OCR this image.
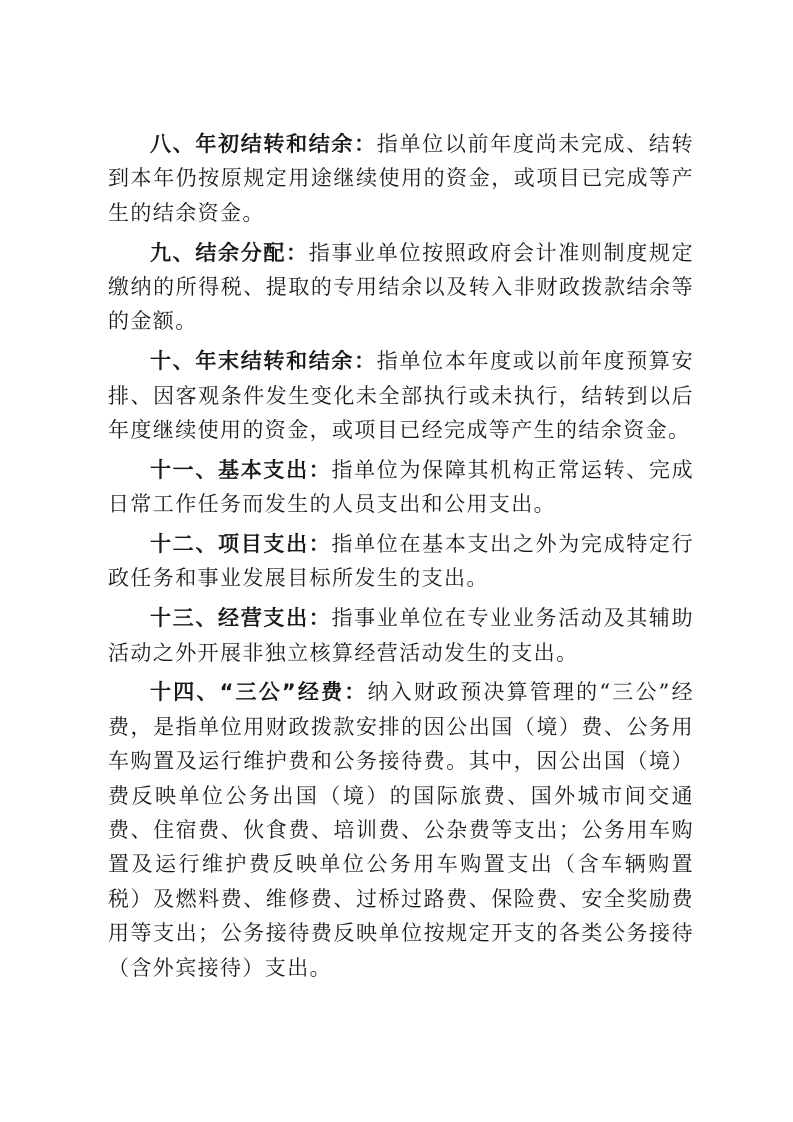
八、年初结转和结余：指单位以前年度尚未完成、结转到本年仍按原规定用途继续使用的资金，或项目已完成等产生的结余资金。

九、结余分配：指事业单位按照政府会计准则制度规定缴纳的所得税、提取的专用结余以及转入非财政拨款结余等的金额。

十、年末结转和结余：指单位本年度或以前年度预算安排、因客观条件发生变化未全部执行或未执行，结转到以后年度继续使用的资金，或项目已经完成等产生的结余资金。

十一、基本支出：指单位为保障其机构正常运转、完成日常工作任务而发生的人员支出和公用支出。

十二、项目支出：指单位在基本支出之外为完成特定行政任务和事业发展目标所发生的支出。

十三、经营支出：指事业单位在专业业务活动及其辅助活动之外开展非独立核算经营活动发生的支出。

十四、“三公”经费：纳入财政预决算管理的“三公”经费，是指单位用财政拨款安排的因公出国（境）费、公务用车购置及运行维护费和公务接待费。其中，因公出国（境）费反映单位公务出国（境）的国际旅费、国外城市间交通费、住宿费、伙食费、培训费、公杂费等支出；公务用车购置及运行维护费反映单位公务用车购置支出（含车辆购置税）及燃料费、维修费、过桥过路费、保险费、安全奖励费用等支出；公务接待费反映单位按规定开支的各类公务接待（含外宾接待）支出。
